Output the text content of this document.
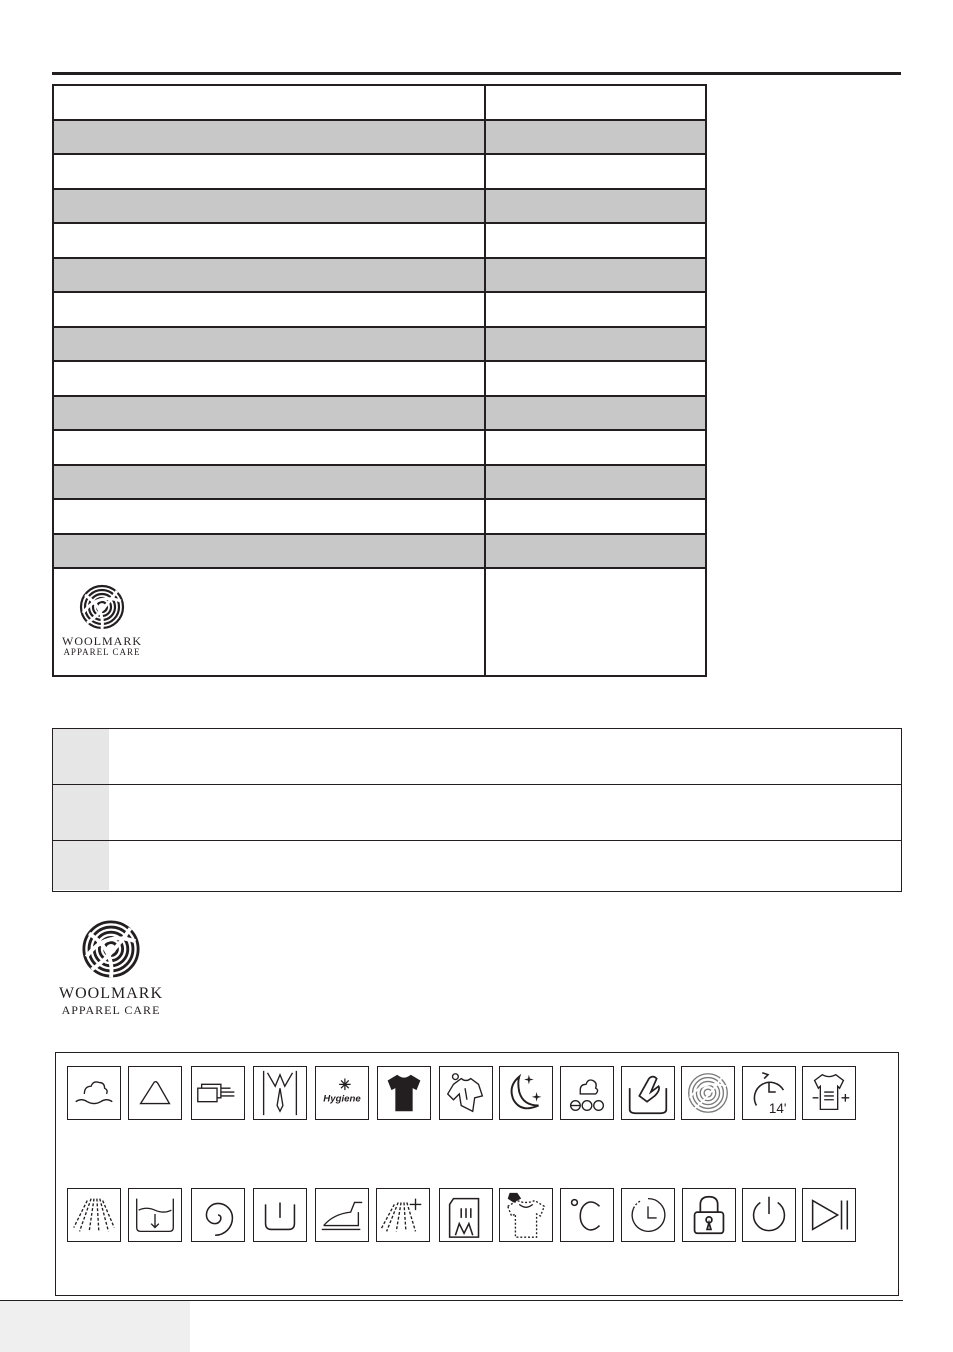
WOOLMARK
APPAREL CARE
WOOLMARK
APPAREL CARE
Hygiene
14'
